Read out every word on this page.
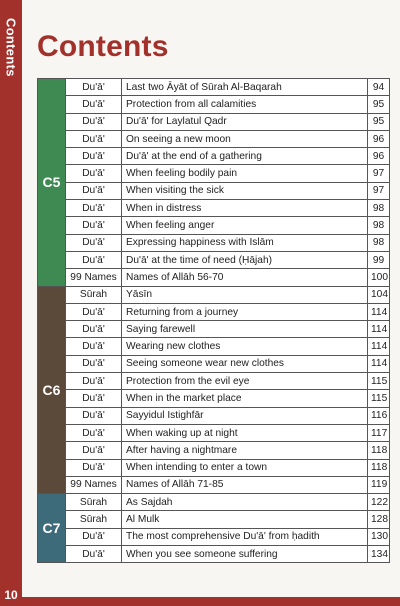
Contents
10
Contents
C5	Du'ā'	Last two Āyāt of Sūrah Al-Baqarah	94
	Du'ā'	Protection from all calamities	95
	Du'ā'	Du'ā' for Laylatul Qadr	95
	Du'ā'	On seeing a new moon	96
	Du'ā'	Du'ā' at the end of a gathering	96
	Du'ā'	When feeling bodily pain	97
	Du'ā'	When visiting the sick	97
	Du'ā'	When in distress	98
	Du'ā'	When feeling anger	98
	Du'ā'	Expressing happiness with Islām	98
	Du'ā'	Du'ā' at the time of need (Ḥājah)	99
	99 Names	Names of Allāh 56-70	100
C6	Sūrah	Yāsīn	104
	Du'ā'	Returning from a journey	114
	Du'ā'	Saying farewell	114
	Du'ā'	Wearing new clothes	114
	Du'ā'	Seeing someone wear new clothes	114
	Du'ā'	Protection from the evil eye	115
	Du'ā'	When in the market place	115
	Du'ā'	Sayyidul Istighfār	116
	Du'ā'	When waking up at night	117
	Du'ā'	After having a nightmare	118
	Du'ā'	When intending to enter a town	118
	99 Names	Names of Allāh 71-85	119
C7	Sūrah	As Sajdah	122
	Sūrah	Al Mulk	128
	Du'ā'	The most comprehensive Du'ā' from ḥadith	130
	Du'ā'	When you see someone suffering	134
